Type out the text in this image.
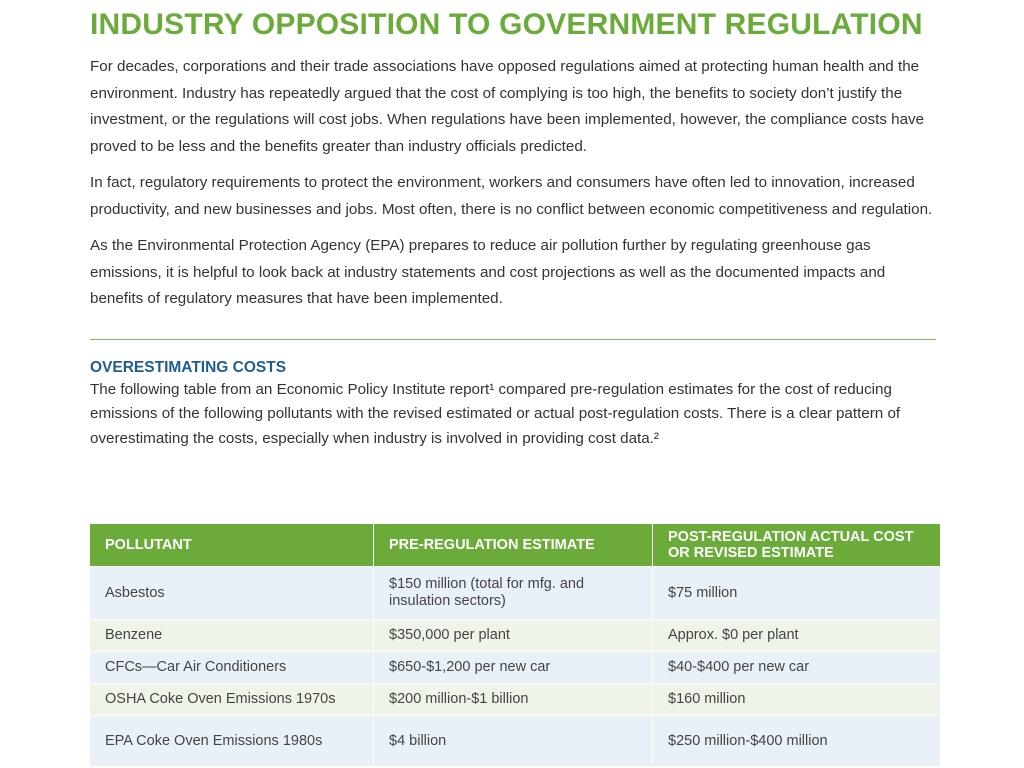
INDUSTRY OPPOSITION TO GOVERNMENT REGULATION

For decades, corporations and their trade associations have opposed regulations aimed at protecting human health and the environment. Industry has repeatedly argued that the cost of complying is too high, the benefits to society don’t justify the investment, or the regulations will cost jobs. When regulations have been implemented, however, the compliance costs have proved to be less and the benefits greater than industry officials predicted.

In fact, regulatory requirements to protect the environment, workers and consumers have often led to innovation, increased productivity, and new businesses and jobs. Most often, there is no conflict between economic competitiveness and regulation.

As the Environmental Protection Agency (EPA) prepares to reduce air pollution further by regulating greenhouse gas emissions, it is helpful to look back at industry statements and cost projections as well as the documented impacts and benefits of regulatory measures that have been implemented.

OVERESTIMATING COSTS

The following table from an Economic Policy Institute report¹ compared pre-regulation estimates for the cost of reducing emissions of the following pollutants with the revised estimated or actual post-regulation costs. There is a clear pattern of overestimating the costs, especially when industry is involved in providing cost data.²

POLLUTANT	PRE-REGULATION ESTIMATE	POST-REGULATION ACTUAL COST OR REVISED ESTIMATE
Asbestos	$150 million (total for mfg. and insulation sectors)	$75 million
Benzene	$350,000 per plant	Approx. $0 per plant
CFCs—Car Air Conditioners	$650-$1,200 per new car	$40-$400 per new car
OSHA Coke Oven Emissions 1970s	$200 million-$1 billion	$160 million
EPA Coke Oven Emissions 1980s	$4 billion	$250 million-$400 million
